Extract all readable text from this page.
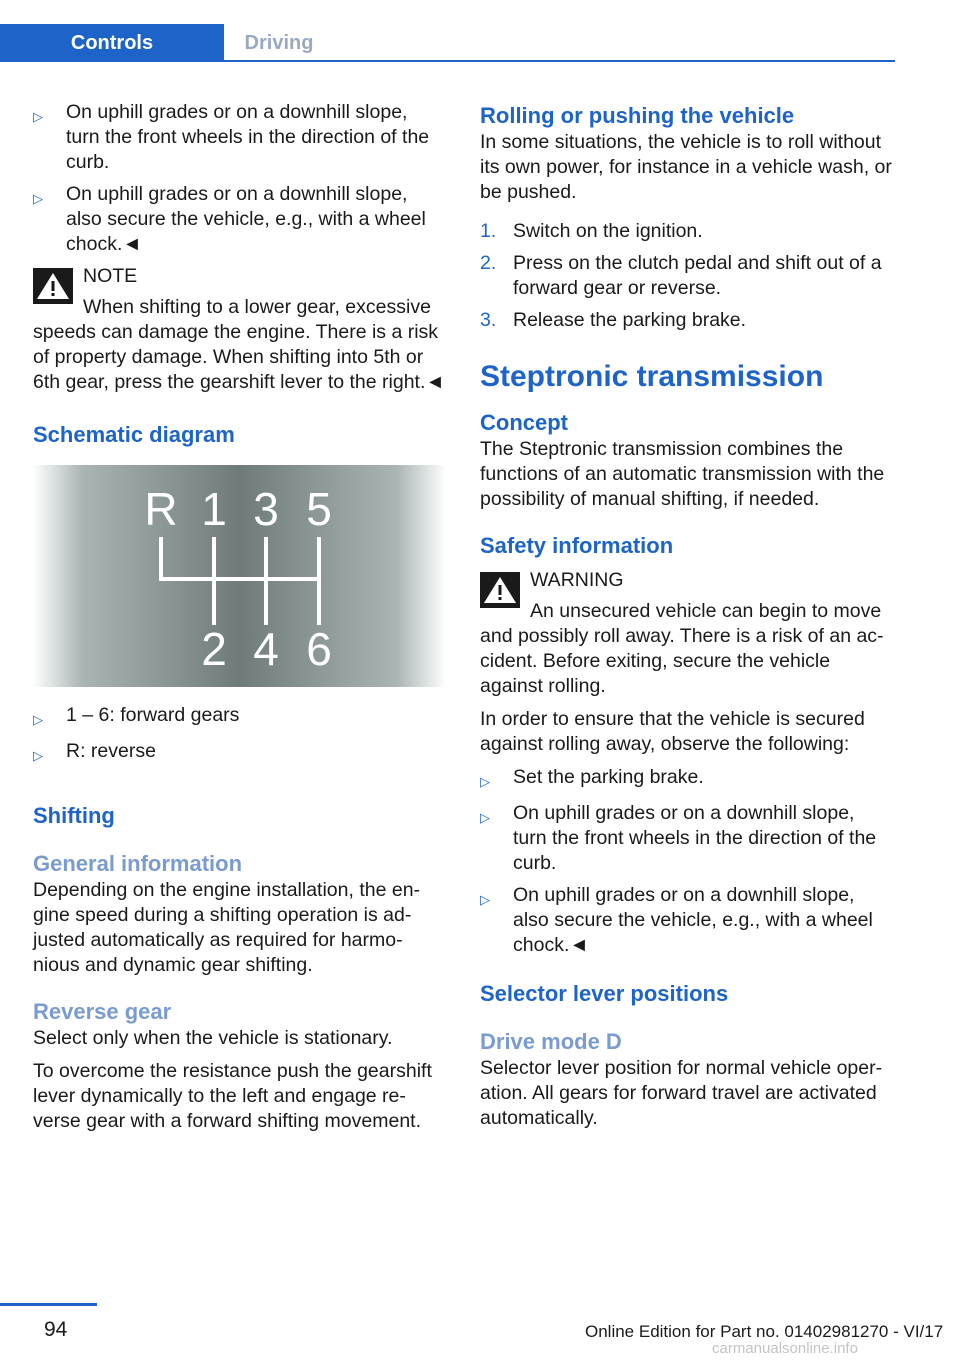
Controls	Driving
▷	On uphill grades or on a downhill slope, turn the front wheels in the direction of the curb.
▷	On uphill grades or on a downhill slope, also secure the vehicle, e.g., with a wheel chock.◄
NOTE
When shifting to a lower gear, excessive speeds can damage the engine. There is a risk of property damage. When shifting into 5th or 6th gear, press the gearshift lever to the right.◄
Schematic diagram
R 1 3 5
2 4 6
▷	1 – 6: forward gears
▷	R: reverse
Shifting
General information

Depending on the engine installation, the en‐ gine speed during a shifting operation is ad‐ justed automatically as required for harmo‐ nious and dynamic gear shifting.

Reverse gear

Select only when the vehicle is stationary.

To overcome the resistance push the gearshift lever dynamically to the left and engage re‐ verse gear with a forward shifting movement.

Rolling or pushing the vehicle

In some situations, the vehicle is to roll without its own power, for instance in a vehicle wash, or be pushed.

1. Switch on the ignition.
2. Press on the clutch pedal and shift out of a forward gear or reverse.
3. Release the parking brake.
Steptronic transmission
Concept

The Steptronic transmission combines the functions of an automatic transmission with the possibility of manual shifting, if needed.

Safety information
WARNING
An unsecured vehicle can begin to move and possibly roll away. There is a risk of an ac‐ cident. Before exiting, secure the vehicle against rolling.

In order to ensure that the vehicle is secured against rolling away, observe the following:

▷	Set the parking brake.
▷	On uphill grades or on a downhill slope, turn the front wheels in the direction of the curb.
▷	On uphill grades or on a downhill slope, also secure the vehicle, e.g., with a wheel chock.◄
Selector lever positions
Drive mode D

Selector lever position for normal vehicle oper‐ ation. All gears for forward travel are activated automatically.

94	Online Edition for Part no. 01402981270 - VI/17
carmanualsonline.info
